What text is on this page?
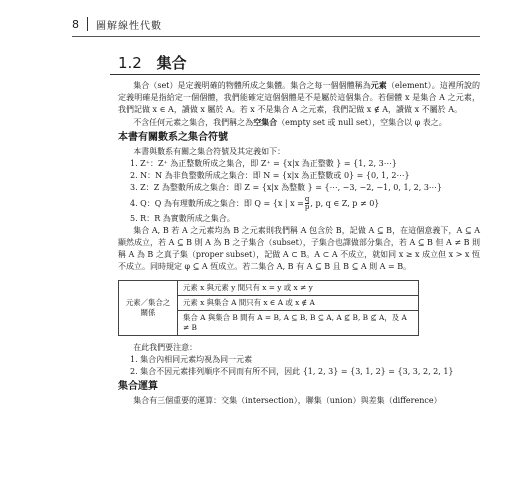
8 圖解線性代數
1.2 集合

集合（set）是定義明確的物體所成之集體。集合之每一個個體稱為元素（element）。這裡所說的定義明確是指給定一個個體，我們能確定這個個體是不是屬於這個集合。若個體 x 是集合 A 之元素，我們記做 x ∈ A，讀做 x 屬於 A。若 x 不是集合 A 之元素，我們記做 x ∉ A，讀做 x 不屬於 A。

不含任何元素之集合，我們稱之為空集合（empty set 或 null set），空集合以 φ 表之。

本書有關數系之集合符號

本書與數系有關之集合符號及其定義如下：

1. Z⁺：Z⁺ 為正整數所成之集合，即 Z⁺ = {x|x 為正整數 } = {1, 2, 3⋯}
2. N：N 為非負整數所成之集合：即 N = {x|x 為正整數或 0} = {0, 1, 2⋯}
3. Z：Z 為整數所成之集合：即 Z = {x|x 為整數 } = {⋯, −3, −2, −1, 0, 1, 2, 3⋯}
4. Q：Q 為有理數所成之集合：即 Q = {x | $x = \frac{q}{p}$ , p, q ∈ Z, p ≠ 0}
5. R：R 為實數所成之集合。

集合 A, B 若 A 之元素均為 B 之元素則我們稱 A 包含於 B，記做 A ⊆ B，在這個意義下，A ⊆ A 顯然成立，若 A ⊆ B 則 A 為 B 之子集合（subset），子集合也譯做部分集合，若 A ⊆ B 但 A ≠ B 則稱 A 為 B 之真子集（proper subset），記做 A ⊂ B。A ⊂ A 不成立，就如同 x ≥ x 成立但 x > x 恆不成立。同時規定 φ ⊆ A 恆成立。若二集合 A, B 有 A ⊆ B 且 B ⊆ A 則 A = B。

元素／集合之關係	元素 x 與元素 y 間只有 x = y 或 x ≠ y
元素 x 與集合 A 間只有 x ∈ A 或 x ∉ A
集合 A 與集合 B 間有 A = B, A ⊆ B, B ⊆ A, A ⊈ B, B ⊈ A，及 A ≠ B

在此我們要注意：

1. 集合內相同元素均視為同一元素
2. 集合不因元素排列順序不同而有所不同，因此 {1, 2, 3} = {3, 1, 2} = {3, 3, 2, 2, 1}
集合運算

集合有三個重要的運算：交集（intersection），聯集（union）與差集（difference）
